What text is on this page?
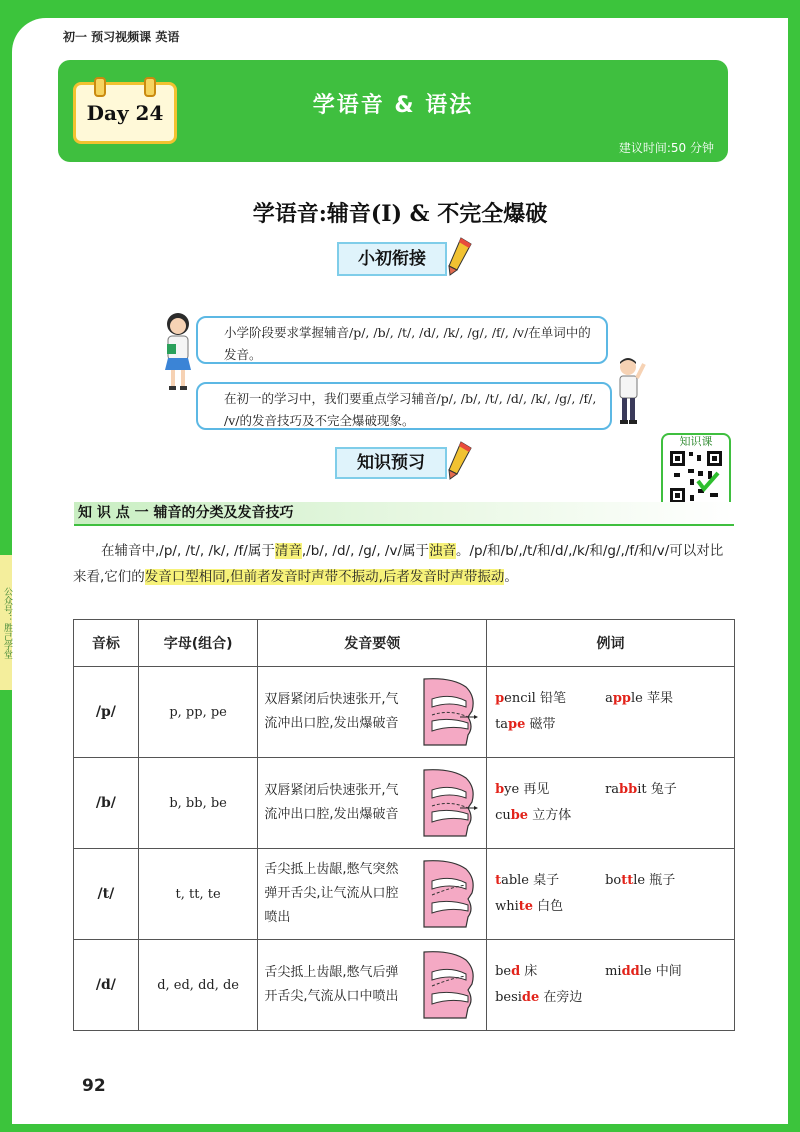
公众号：胜己学堂
初一 预习视频课 英语
学语音 & 语法
建议时间:50 分钟
Day 24
学语音:辅音(I) & 不完全爆破
小初衔接
小学阶段要求掌握辅音/p/, /b/, /t/, /d/, /k/, /g/, /f/, /v/在单词中的发音。
在初一的学习中，我们要重点学习辅音/p/, /b/, /t/, /d/, /k/, /g/, /f/, /v/的发音技巧及不完全爆破现象。
知识预习
知识课
知 识 点 一 辅音的分类及发音技巧
在辅音中,/p/, /t/, /k/, /f/属于清音,/b/, /d/, /g/, /v/属于浊音。/p/和/b/,/t/和/d/,/k/和/g/,/f/和/v/可以对比来看,它们的发音口型相同,但前者发音时声带不振动,后者发音时声带振动。
音标	字母(组合)	发音要领	例词
/p/	p, pp, pe	双唇紧闭后快速张开,气流冲出口腔,发出爆破音	pencil 铅笔 apple 苹果
tape 磁带

/b/	b, bb, be	双唇紧闭后快速张开,气流冲出口腔,发出爆破音	bye 再见 rabbit 兔子
cube 立方体

/t/	t, tt, te	舌尖抵上齿龈,憋气突然弹开舌尖,让气流从口腔喷出	table 桌子 bottle 瓶子
white 白色

/d/	d, ed, dd, de	舌尖抵上齿龈,憋气后弹开舌尖,气流从口中喷出	bed 床 middle 中间
beside 在旁边
92
